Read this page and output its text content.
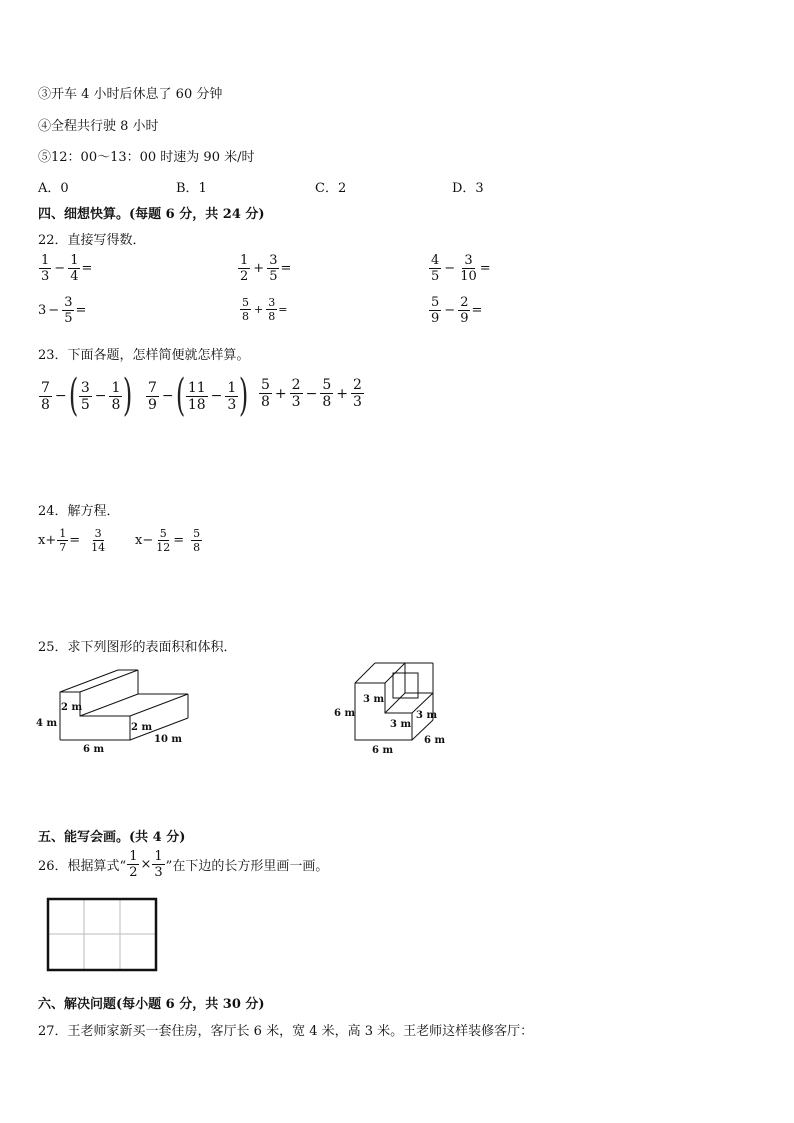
③开车 4 小时后休息了 60 分钟
④全程共行驶 8 小时
⑤12：00～13：00 时速为 90 米/时
A．0	B．1	C．2	D．3
四、细想快算。(每题 6 分，共 24 分)
22．直接写得数．
$\frac{1}{3} - \frac{1}{4}$ =	$\frac{1}{2} + \frac{3}{5}$ =	$\frac{4}{5} - \frac{3}{10}$ =
$3 - \frac{3}{5}$ =	$\frac{5}{8} + \frac{3}{8}$ =	$\frac{5}{9} - \frac{2}{9}$ =
23．下面各题，怎样简便就怎样算。
$\frac{7}{8}$ − ( $\frac{3}{5} - \frac{1}{8}$ ) $\frac{7}{9}$ − ( $\frac{11}{18} - \frac{1}{3}$ ) $\frac{5}{8} + \frac{2}{3} - \frac{5}{8} + \frac{2}{3}$
24．解方程．
$x + \frac{1}{7} = \frac{3}{14}$ $x - \frac{5}{12} = \frac{5}{8}$
25．求下列图形的表面积和体积．
2 m
4 m	2 m
6 m
10 m
3 m
6 m
3 m
3 m
6 m
6 m
五、能写会画。(共 4 分)
26．根据算式“ $\frac{1}{2} \times \frac{1}{3}$ ”在下边的长方形里画一画。
六、解决问题(每小题 6 分，共 30 分)
27．王老师家新买一套住房，客厅长 6 米，宽 4 米，高 3 米。王老师这样装修客厅：
